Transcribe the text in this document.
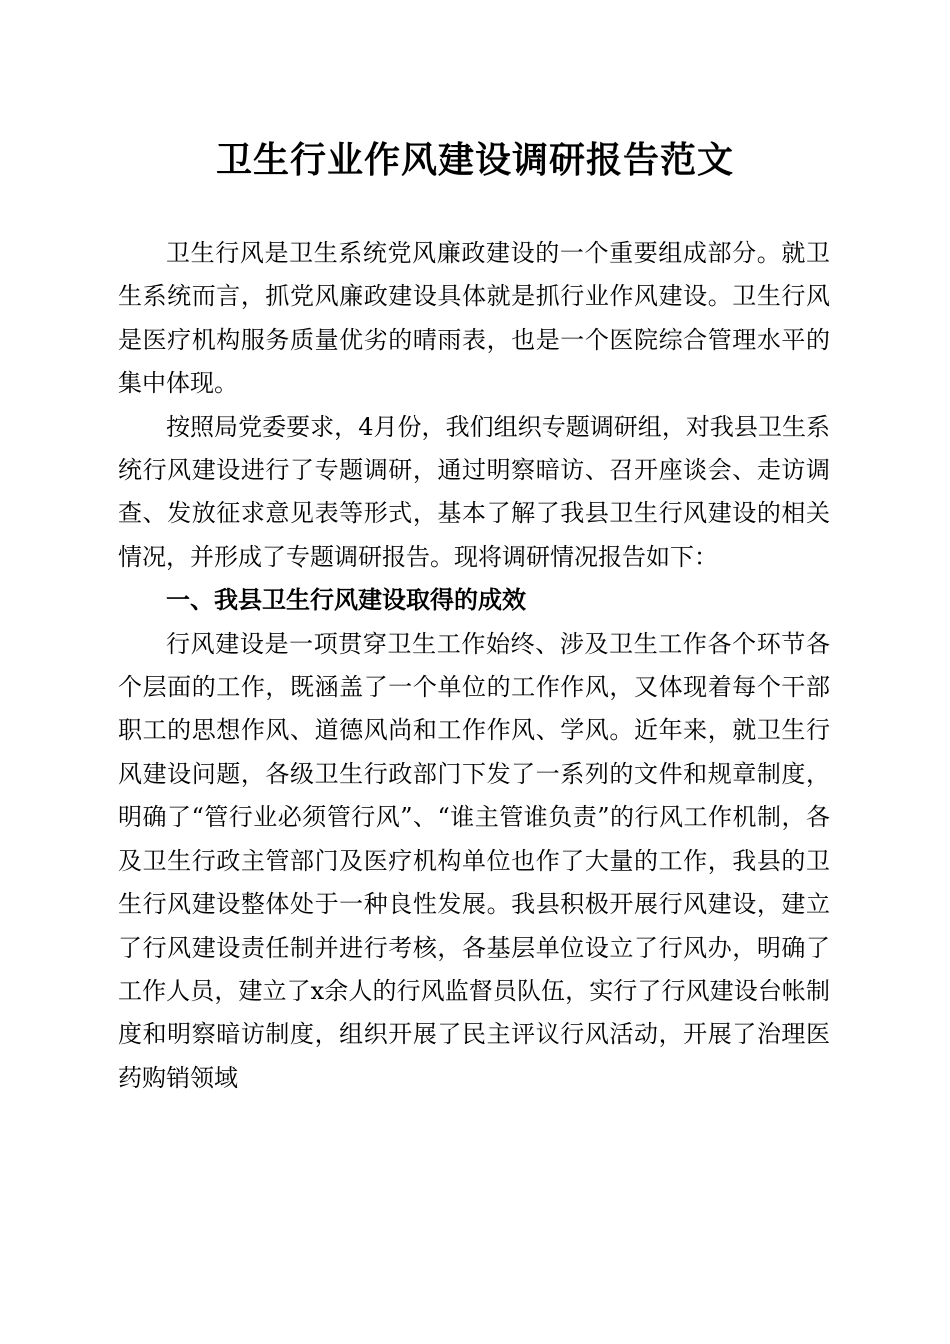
卫生行业作风建设调研报告范文

卫生行风是卫生系统党风廉政建设的一个重要组成部分。就卫生系统而言，抓党风廉政建设具体就是抓行业作风建设。卫生行风是医疗机构服务质量优劣的晴雨表，也是一个医院综合管理水平的集中体现。

按照局党委要求，4月份，我们组织专题调研组，对我县卫生系统行风建设进行了专题调研，通过明察暗访、召开座谈会、走访调查、发放征求意见表等形式，基本了解了我县卫生行风建设的相关情况，并形成了专题调研报告。现将调研情况报告如下：

一、我县卫生行风建设取得的成效

行风建设是一项贯穿卫生工作始终、涉及卫生工作各个环节各个层面的工作，既涵盖了一个单位的工作作风，又体现着每个干部职工的思想作风、道德风尚和工作作风、学风。近年来，就卫生行风建设问题，各级卫生行政部门下发了一系列的文件和规章制度，明确了“管行业必须管行风”、“谁主管谁负责”的行风工作机制，各及卫生行政主管部门及医疗机构单位也作了大量的工作，我县的卫生行风建设整体处于一种良性发展。我县积极开展行风建设，建立了行风建设责任制并进行考核，各基层单位设立了行风办，明确了工作人员，建立了x余人的行风监督员队伍，实行了行风建设台帐制度和明察暗访制度，组织开展了民主评议行风活动，开展了治理医药购销领域
